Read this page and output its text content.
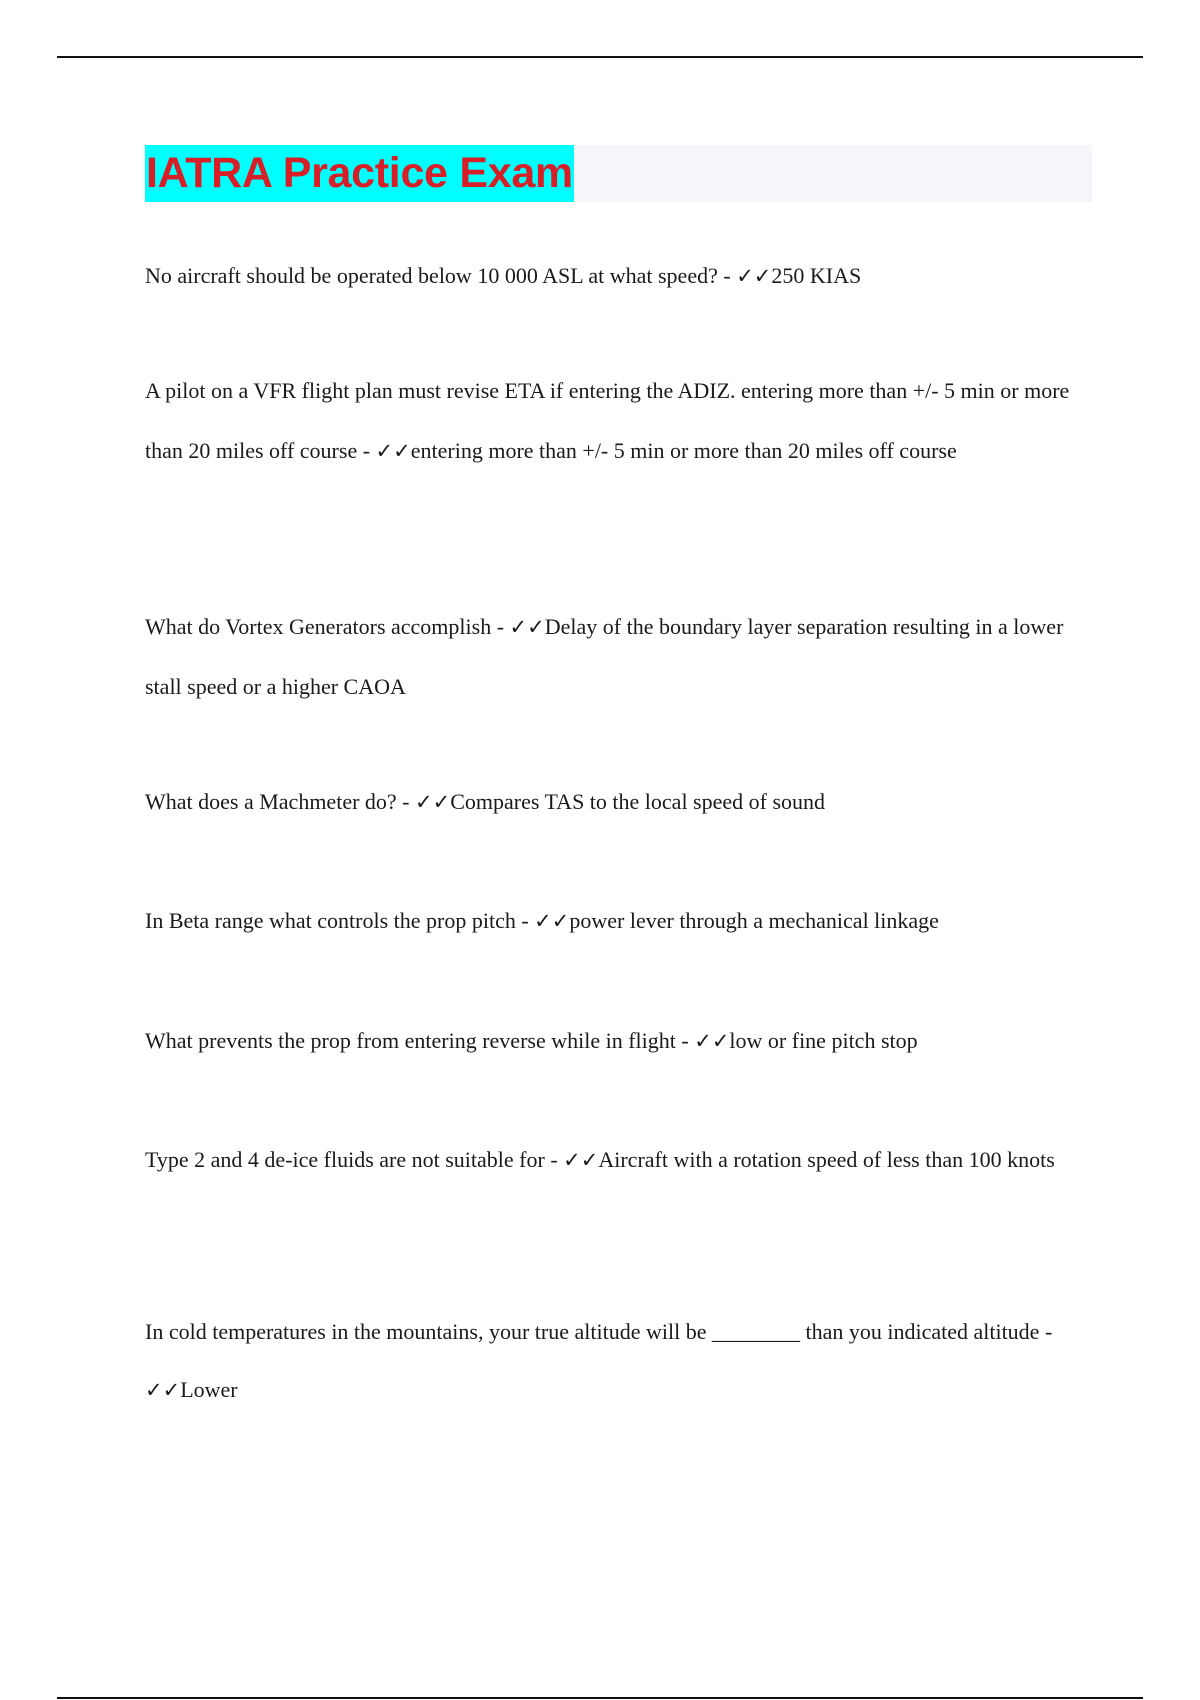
IATRA Practice Exam

No aircraft should be operated below 10 000 ASL at what speed? - ✓✓250 KIAS

A pilot on a VFR flight plan must revise ETA if entering the ADIZ. entering more than +/- 5 min or more than 20 miles off course - ✓✓entering more than +/- 5 min or more than 20 miles off course

What do Vortex Generators accomplish - ✓✓Delay of the boundary layer separation resulting in a lower stall speed or a higher CAOA

What does a Machmeter do? - ✓✓Compares TAS to the local speed of sound

In Beta range what controls the prop pitch - ✓✓power lever through a mechanical linkage

What prevents the prop from entering reverse while in flight - ✓✓low or fine pitch stop

Type 2 and 4 de-ice fluids are not suitable for - ✓✓Aircraft with a rotation speed of less than 100 knots

In cold temperatures in the mountains, your true altitude will be ________ than you indicated altitude - ✓✓Lower
